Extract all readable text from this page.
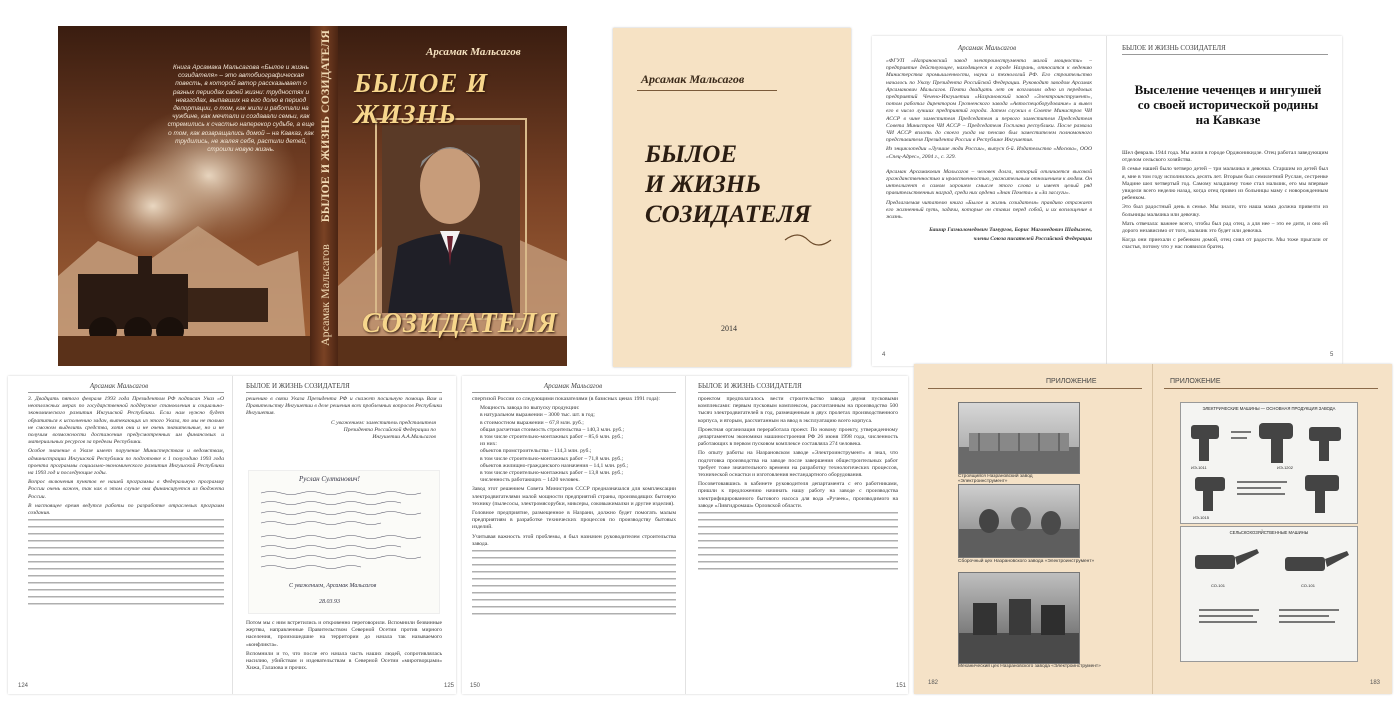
Книга Арсамака Мальсагова «Былое и жизнь созидателя» – это автобиографическая повесть, в которой автор рассказывает о разных периодах своей жизни: трудностях и невзгодах, выпавших на его долю в период депортации, о том, как жили и работали на чужбине, как мечтали и создавали семьи, как стремились к счастью наперекор судьбе, а еще о том, как возвращались домой – на Кавказ, как трудились, не жалея себя, растили детей, строили новую жизнь.
Арсамак Мальсагов
БЫЛОЕ И ЖИЗНЬ СОЗИДАТЕЛЯ	Арсамак Мальсагов
БЫЛОЕ И ЖИЗНЬ
СОЗИДАТЕЛЯ
Арсамак Мальсагов
БЫЛОЕ
И ЖИЗНЬ
СОЗИДАТЕЛЯ
2014
Арсамак Мальсагов

«ФГУП «Назрановский завод электроинструмента малой мощности» – предприятие действующее, находящееся в городе Назрань, относится к ведению Министерства промышленности, науки и технологий РФ. Его строительство началось по Указу Президента Российской Федерации. Руководит заводом Арсамак Арсамакович Мальсагов. Почти двадцать лет он возглавлял одно из передовых предприятий Чечено-Ингушетии «Назрановский завод «Электроинструмент», потом работал директором Грозненского завода «Автоспецоборудование» и вывел его в число лучших предприятий города. Затем служил в Совете Министров ЧИ АССР в чине заместителя Председателя и первого заместителя Председателя Совета Министров ЧИ АССР – Председателя Госплана республики. После развала ЧИ АССР вплоть до своего ухода на пенсию был заместителем полномочного представителя Президента России в Республике Ингушетия.

Из энциклопедии «Лучшие люди России», выпуск 6-й. Издательство «Москва», ООО «Спец-Адрес», 2004 г., с. 329.

Арсамак Арсамакович Мальсагов – человек долга, который отличается высокой гражданственностью и нравственностью, уважительным отношением к людям. Он интеллигент в самом хорошем смысле этого слова и имеет целый ряд правительственных наград, среди них ордена «Знак Почета» и «За заслуги».

Предлагаемая читателю книга «Былое и жизнь созидателя» правдиво отражает его жизненный путь, задачи, которые он ставил перед собой, и их воплощение в жизнь.

Башир Газмаломедович Тамургов, Борис Магомедович Шадыжев,

члены Союза писателей Российской Федерации

4
БЫЛОЕ И ЖИЗНЬ СОЗИДАТЕЛЯ
Выселение чеченцев и ингушей со своей исторической родины на Кавказе

Шел февраль 1944 года. Мы жили в городе Орджоникидзе. Отец работал заведующим отделом сельского хозяйства.

В семье нашей было четверо детей – три мальчика и девочка. Старшим из детей был я, мне в том году исполнилось десять лет. Вторым был семилетний Руслан, сестренке Мадине шел четвертый год. Самому младшему тоже стал мальчик, его мы впервые увидели всего неделю назад, когда отец привез из больницы маму с новорожденным ребенком.

Это был радостный день в семье. Мы знали, что наша мама должна привезти из больницы мальчика или девочку.

Мать отвечала: важнее всего, чтобы был рад отец, а для нее – это ее дитя, и оно ей дорого независимо от того, мальчик это будет или девочка.

Когда они приехали с ребенком домой, отец сиял от радости. Мы тоже прыгали от счастья, потому что у нас появился братец.

5
Арсамак Мальсагов

3. Двадцать пятого февраля 1993 года Президентом РФ подписан Указ «О неотложных мерах по государственной поддержке становления и социально-экономического развития Ингушской Республики. Если нам нужно будет обратиться к исполнению задач, вытекающих из этого Указа, то мы не только не сможем выделить средства, хотя они и не очень значительные, но и не получим возможности достижения предусмотренных им финансовых и материальных ресурсов за пределы Республики.

Особое значение в Указе имеет поручение Министерствам и ведомствам, администрации Ингушской Республики по подготовке к 1 полугодию 1993 года проекта программы социально-экономического развития Ингушской Республики на 1993 год и последующие годы.

Вопрос включения пунктов ее нашей программы в Федеральную программу России очень важен, так как в этом случае она финансируется из бюджета России.

В настоящее время ведутся работы по разработке отраслевых программ создания.

124
БЫЛОЕ И ЖИЗНЬ СОЗИДАТЕЛЯ

решению в связи Указа Президента РФ и скажет посильную помощь Вам и Правительству Ингушетии в деле решения всех проблемных вопросов Республики Ингушетия.

С уважением: заместитель представителя Президента Российской Федерации по Ингушетии А.А.Мальсагов

Руслан Султанович!
С уважением, Арсамак Мальсагов
28.03.93

Потом мы с ним встретились и откровенно переговорили. Вспомнили безвинные жертвы, направленные Правительством Северной Осетии против мирного населения, произошедшие на территории до начала так называемого «конфликта».

Вспомнили и то, что после его начала часть наших людей, сопротивлялась насилию, убийствам и издевательствам в Северной Осетии «миротворцами» Хижа, Галазова и прочих.

125
Арсамак Мальсагов

спертизой России со следующими показателями (в базисных ценах 1991 года):

Мощность завода по выпуску продукции:
в натуральном выражении – 3000 тыс. шт. в год;
в стоимостном выражении – 67,8 млн. руб.;
общая расчетная стоимость строительства – 140,3 млн. руб.;
в том числе строительно-монтажных работ – 85,6 млн. руб.;
из них:
объектов промстроительства – 114,3 млн. руб.;
в том числе строительно-монтажных работ – 71,8 млн. руб.;
объектов жилищно-гражданского назначения – 14,1 млн. руб.;
в том числе строительно-монтажных работ – 13,8 млн. руб.;
численность работающих – 1420 человек.

Завод этот решением Совета Министров СССР предназначался для комплексации электродвигателями малой мощности предприятий страны, производящих бытовую технику (пылесосы, электромясорубки, миксеры, соковыжималки и другие изделия).

Головное предприятие, размещенное в Назрани, должно будет помогать малым предприятиям в разработке технических процессов по производству бытовых изделий.

Учитывая важность этой проблемы, я был назначен руководителем строительства завода.

150
БЫЛОЕ И ЖИЗНЬ СОЗИДАТЕЛЯ

проектом предполагалось вести строительство завода двумя пусковыми комплексами: первым пусковым комплексом, рассчитанным на производство 500 тысяч электродвигателей в год, размещенным в двух пролетах производственного корпуса, и вторым, рассчитанным на ввод в эксплуатацию всего корпуса.

Проектная организация переработала проект. По новому проекту, утвержденному департаментом экономики машиностроения РФ 26 июня 1998 года, численность работающих в первом пусковом комплексе составляла 274 человека.

По опыту работы на Назрановском заводе «Электроинструмент» я знал, что подготовка производства на заводе после завершения общестроительных работ требует тоже значительного времени на разработку технологических процессов, технической оснастки и изготовления нестандартного оборудования.

Посоветовавшись в кабинете руководителя департамента с его работниками, пришли к предложению начинать нашу работу на заводе с производства электрифицированного бытового насоса для вода «Ручеек», производимого на заводе «Ливгидромаш» Орловской области.

151
ПРИЛОЖЕНИЕ
Строящийся Назрановский завод «Электроинструмент»
Сборочный цех Назрановского завода «Электроинструмент»
Механический цех Назрановского завода «Электроинструмент»
182
ПРИЛОЖЕНИЕ
ЭЛЕКТРИЧЕСКИЕ МАШИНЫ — ОСНОВНАЯ ПРОДУКЦИЯ ЗАВОДА
ИЭ-1011	ИЭ-1202
ИЭ-1015
СЕЛЬСКОХОЗЯЙСТВЕННЫЕ МАШИНЫ
СО-101	СО-101
183
